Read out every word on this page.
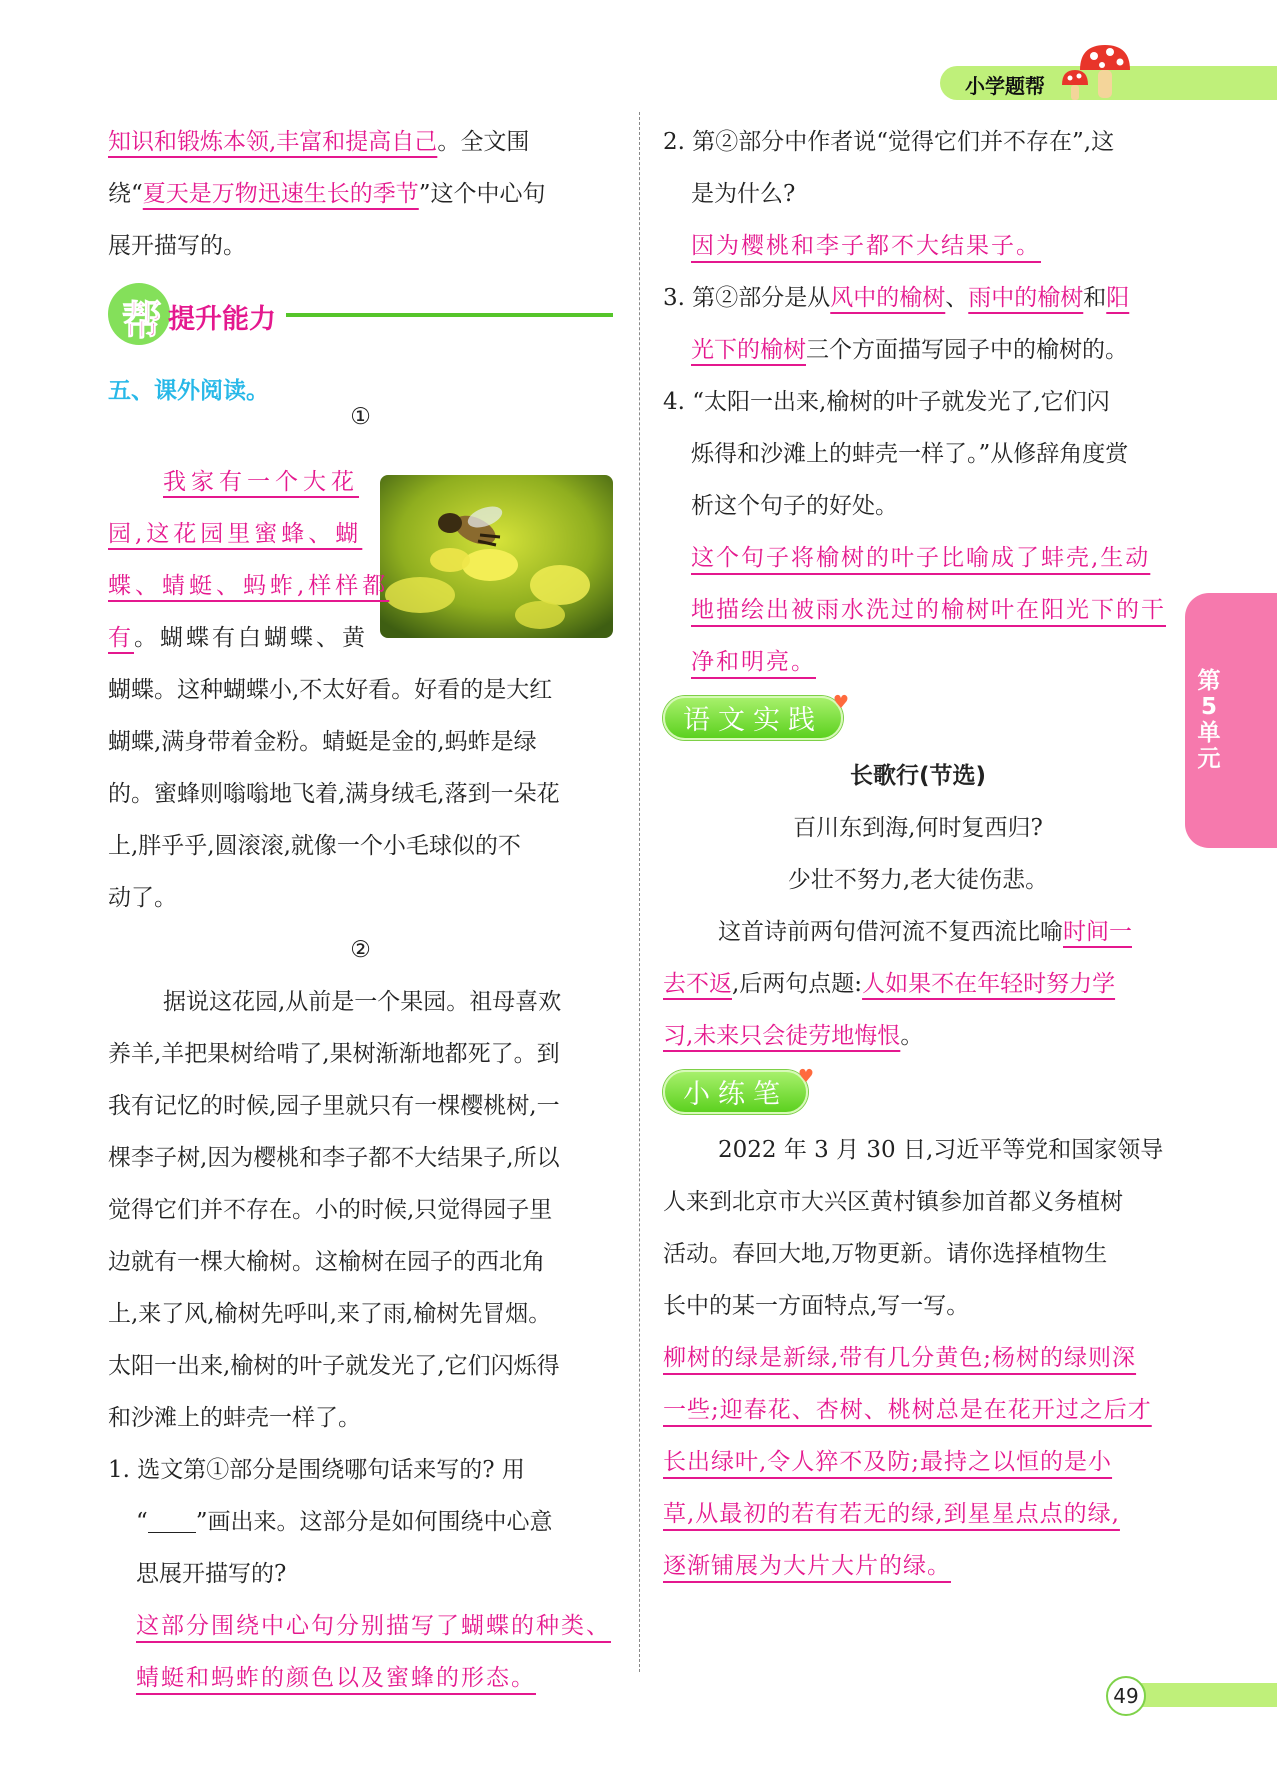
小学题帮
知识和锻炼本领,丰富和提高自己。全文围
绕“夏天是万物迅速生长的季节”这个中心句
展开描写的。
帮 提升能力
五、课外阅读。
①
我家有一个大花
园,这花园里蜜蜂、蝴
蝶、蜻蜓、蚂蚱,样样都
有。蝴蝶有白蝴蝶、黄
蝴蝶。这种蝴蝶小,不太好看。好看的是大红
蝴蝶,满身带着金粉。蜻蜓是金的,蚂蚱是绿
的。蜜蜂则嗡嗡地飞着,满身绒毛,落到一朵花
上,胖乎乎,圆滚滚,就像一个小毛球似的不
动了。
②
据说这花园,从前是一个果园。祖母喜欢
养羊,羊把果树给啃了,果树渐渐地都死了。到
我有记忆的时候,园子里就只有一棵樱桃树,一
棵李子树,因为樱桃和李子都不大结果子,所以
觉得它们并不存在。小的时候,只觉得园子里
边就有一棵大榆树。这榆树在园子的西北角
上,来了风,榆树先呼叫,来了雨,榆树先冒烟。
太阳一出来,榆树的叶子就发光了,它们闪烁得
和沙滩上的蚌壳一样了。
1. 选文第①部分是围绕哪句话来写的? 用
“ ”画出来。这部分是如何围绕中心意
思展开描写的?
这部分围绕中心句分别描写了蝴蝶的种类、
蜻蜓和蚂蚱的颜色以及蜜蜂的形态。
2. 第②部分中作者说“觉得它们并不存在”,这
是为什么?
因为樱桃和李子都不大结果子。
3. 第②部分是从风中的榆树、雨中的榆树和阳
光下的榆树三个方面描写园子中的榆树的。
4. “太阳一出来,榆树的叶子就发光了,它们闪
烁得和沙滩上的蚌壳一样了。”从修辞角度赏
析这个句子的好处。
这个句子将榆树的叶子比喻成了蚌壳,生动
地描绘出被雨水洗过的榆树叶在阳光下的干
净和明亮。
语文实践
♥
长歌行(节选)
百川东到海,何时复西归?
少壮不努力,老大徒伤悲。
这首诗前两句借河流不复西流比喻时间一
去不返,后两句点题:人如果不在年轻时努力学
习,未来只会徒劳地悔恨。
小练笔
♥
2022 年 3 月 30 日,习近平等党和国家领导
人来到北京市大兴区黄村镇参加首都义务植树
活动。春回大地,万物更新。请你选择植物生
长中的某一方面特点,写一写。
柳树的绿是新绿,带有几分黄色;杨树的绿则深
一些;迎春花、杏树、桃树总是在花开过之后才
长出绿叶,令人猝不及防;最持之以恒的是小
草,从最初的若有若无的绿,到星星点点的绿,
逐渐铺展为大片大片的绿。
第
5
单
元
49
